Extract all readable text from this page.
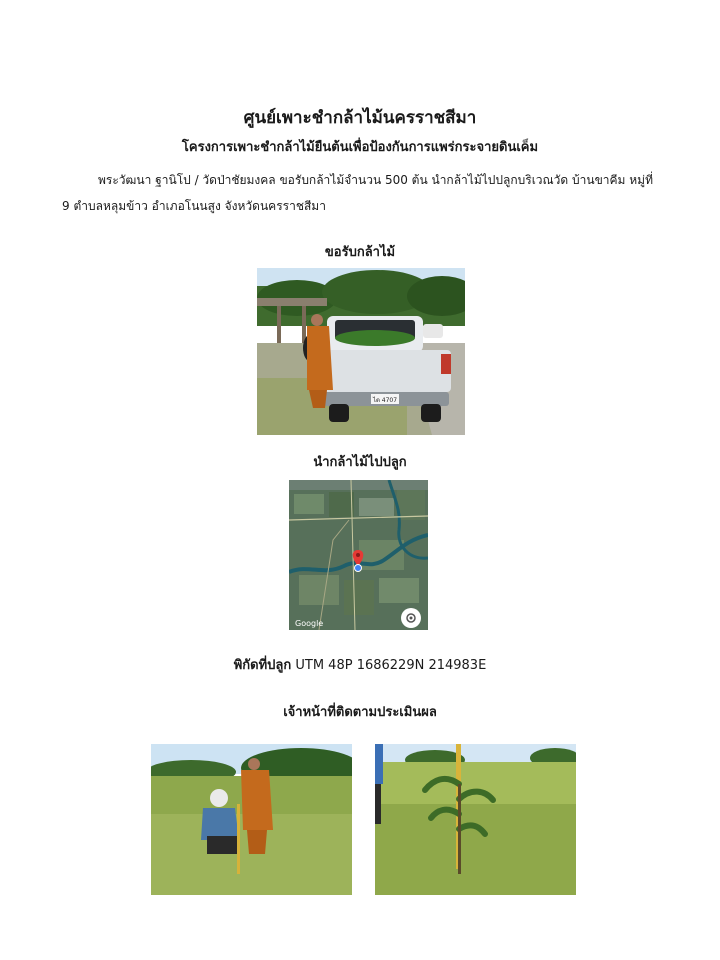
ศูนย์เพาะชำกล้าไม้นครราชสีมา
โครงการเพาะชำกล้าไม้ยืนต้นเพื่อป้องกันการแพร่กระจายดินเค็ม
พระวัฒนา ฐานิโป / วัดป่าชัยมงคล ขอรับกล้าไม้จำนวน 500 ต้น นำกล้าไม้ไปปลูกบริเวณวัด บ้านขาคีม หมู่ที่ 9 ตำบลหลุมข้าว อำเภอโนนสูง จังหวัดนครราชสีมา
ขอรับกล้าไม้
ไต 4707
นำกล้าไม้ไปปลูก
Google
พิกัดที่ปลูก UTM 48P 1686229N 214983E
เจ้าหน้าที่ติดตามประเมินผล
